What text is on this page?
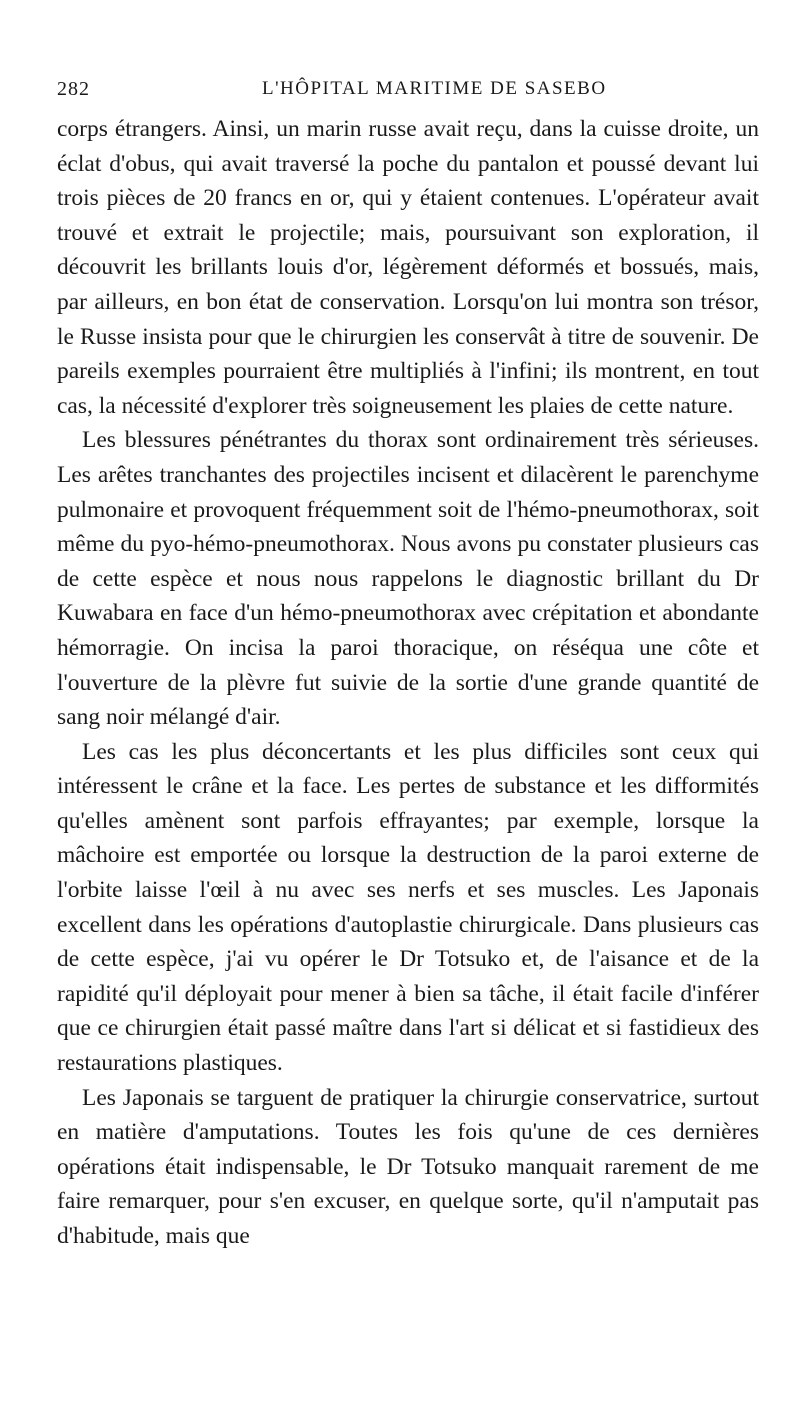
282	L'HÔPITAL MARITIME DE SASEBO

corps étrangers. Ainsi, un marin russe avait reçu, dans la cuisse droite, un éclat d'obus, qui avait traversé la poche du pantalon et poussé devant lui trois pièces de 20 francs en or, qui y étaient contenues. L'opérateur avait trouvé et extrait le projectile; mais, poursuivant son exploration, il découvrit les brillants louis d'or, légèrement déformés et bossués, mais, par ailleurs, en bon état de conservation. Lorsqu'on lui montra son trésor, le Russe insista pour que le chirurgien les conservât à titre de souvenir. De pareils exemples pourraient être multipliés à l'infini; ils montrent, en tout cas, la nécessité d'explorer très soigneusement les plaies de cette nature.

Les blessures pénétrantes du thorax sont ordinairement très sérieuses. Les arêtes tranchantes des projectiles incisent et dilacèrent le parenchyme pulmonaire et provoquent fréquemment soit de l'hémo-pneumothorax, soit même du pyo-hémo-pneumothorax. Nous avons pu constater plusieurs cas de cette espèce et nous nous rappelons le diagnostic brillant du Dr Kuwabara en face d'un hémo-pneumothorax avec crépitation et abondante hémorragie. On incisa la paroi thoracique, on réséqua une côte et l'ouverture de la plèvre fut suivie de la sortie d'une grande quantité de sang noir mélangé d'air.

Les cas les plus déconcertants et les plus difficiles sont ceux qui intéressent le crâne et la face. Les pertes de substance et les difformités qu'elles amènent sont parfois effrayantes; par exemple, lorsque la mâchoire est emportée ou lorsque la destruction de la paroi externe de l'orbite laisse l'œil à nu avec ses nerfs et ses muscles. Les Japonais excellent dans les opérations d'autoplastie chirurgicale. Dans plusieurs cas de cette espèce, j'ai vu opérer le Dr Totsuko et, de l'aisance et de la rapidité qu'il déployait pour mener à bien sa tâche, il était facile d'inférer que ce chirurgien était passé maître dans l'art si délicat et si fastidieux des restaurations plastiques.

Les Japonais se targuent de pratiquer la chirurgie conservatrice, surtout en matière d'amputations. Toutes les fois qu'une de ces dernières opérations était indispensable, le Dr Totsuko manquait rarement de me faire remarquer, pour s'en excuser, en quelque sorte, qu'il n'amputait pas d'habitude, mais que
